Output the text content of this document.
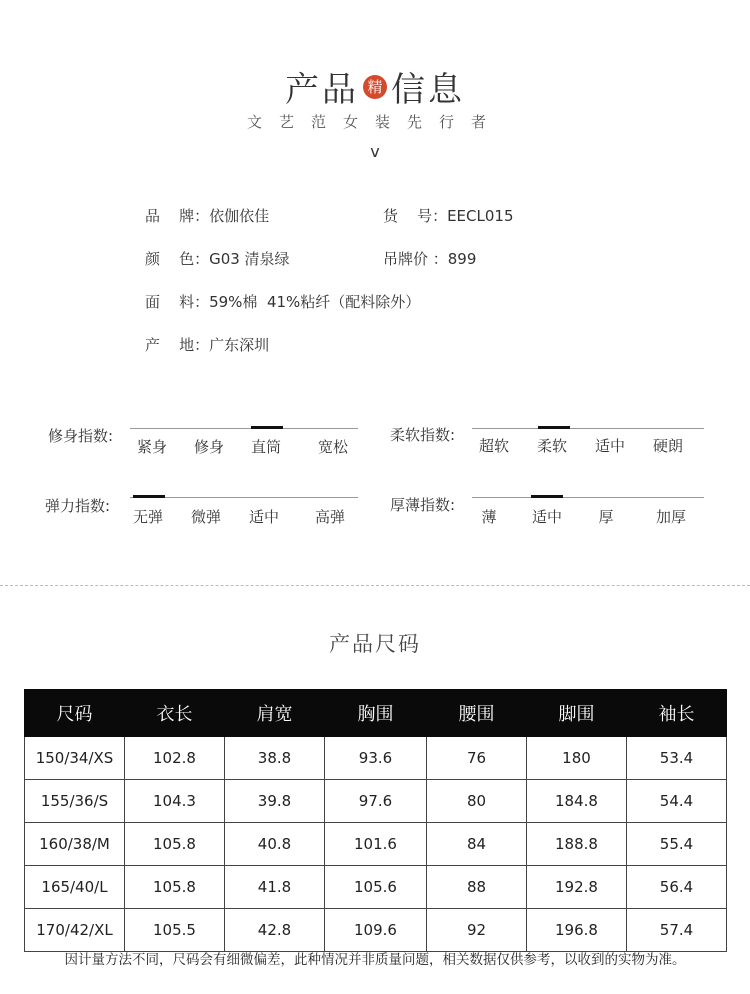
产品 精 信息
文艺范女装先行者
v
品    牌：依伽依佳	货    号：EECL015
颜    色：G03 清泉绿	吊牌价 ：899
面    料：59%棉  41%粘纤（配料除外）
产    地：广东深圳
修身指数:
紧身	修身	直筒	宽松
柔软指数:
超软	柔软	适中	硬朗
弹力指数:
无弹	微弹	适中	高弹
厚薄指数:
薄	适中	厚	加厚
产品尺码
尺码	衣长	肩宽	胸围	腰围	脚围	袖长
150/34/XS	102.8	38.8	93.6	76	180	53.4
155/36/S	104.3	39.8	97.6	80	184.8	54.4
160/38/M	105.8	40.8	101.6	84	188.8	55.4
165/40/L	105.8	41.8	105.6	88	192.8	56.4
170/42/XL	105.5	42.8	109.6	92	196.8	57.4
因计量方法不同，尺码会有细微偏差，此种情况并非质量问题，相关数据仅供参考，以收到的实物为准。
